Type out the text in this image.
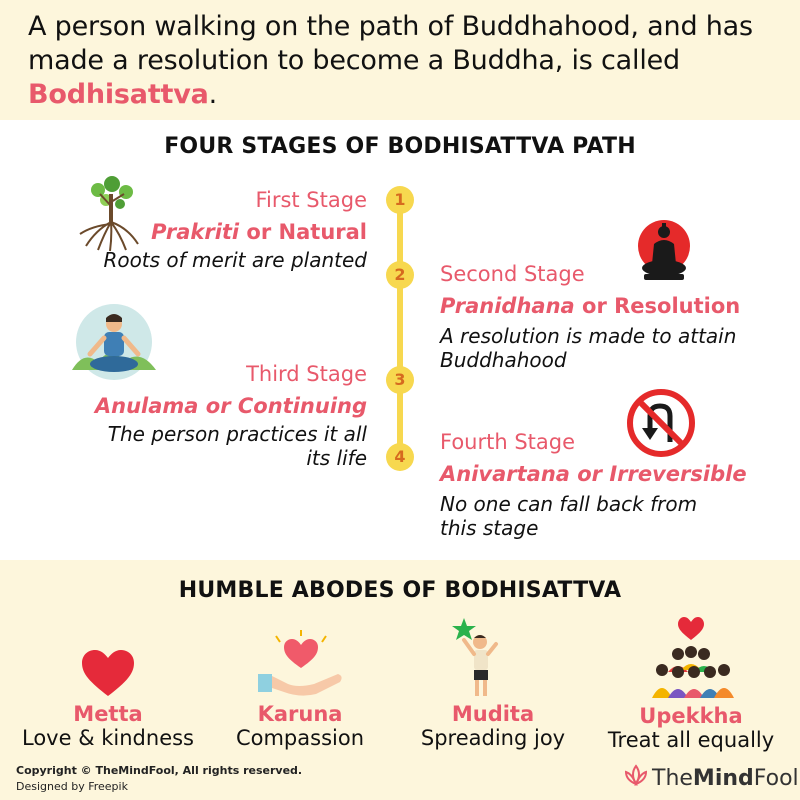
A person walking on the path of Buddhahood, and has made a resolution to become a Buddha, is called Bodhisattva.
FOUR STAGES OF BODHISATTVA PATH
1
2
3
4
First Stage
Prakriti or Natural
Roots of merit are planted
Second Stage
Pranidhana or Resolution
A resolution is made to attain
Buddhahood
Third Stage
Anulama or Continuing
The person practices it all
its life
Fourth Stage
Anivartana or Irreversible
No one can fall back from
this stage
HUMBLE ABODES OF BODHISATTVA
Metta
Love & kindness
Karuna
Compassion
Mudita
Spreading joy
Upekkha
Treat all equally
Copyright © TheMindFool, All rights reserved.
Designed by Freepik	The Mind Fool
